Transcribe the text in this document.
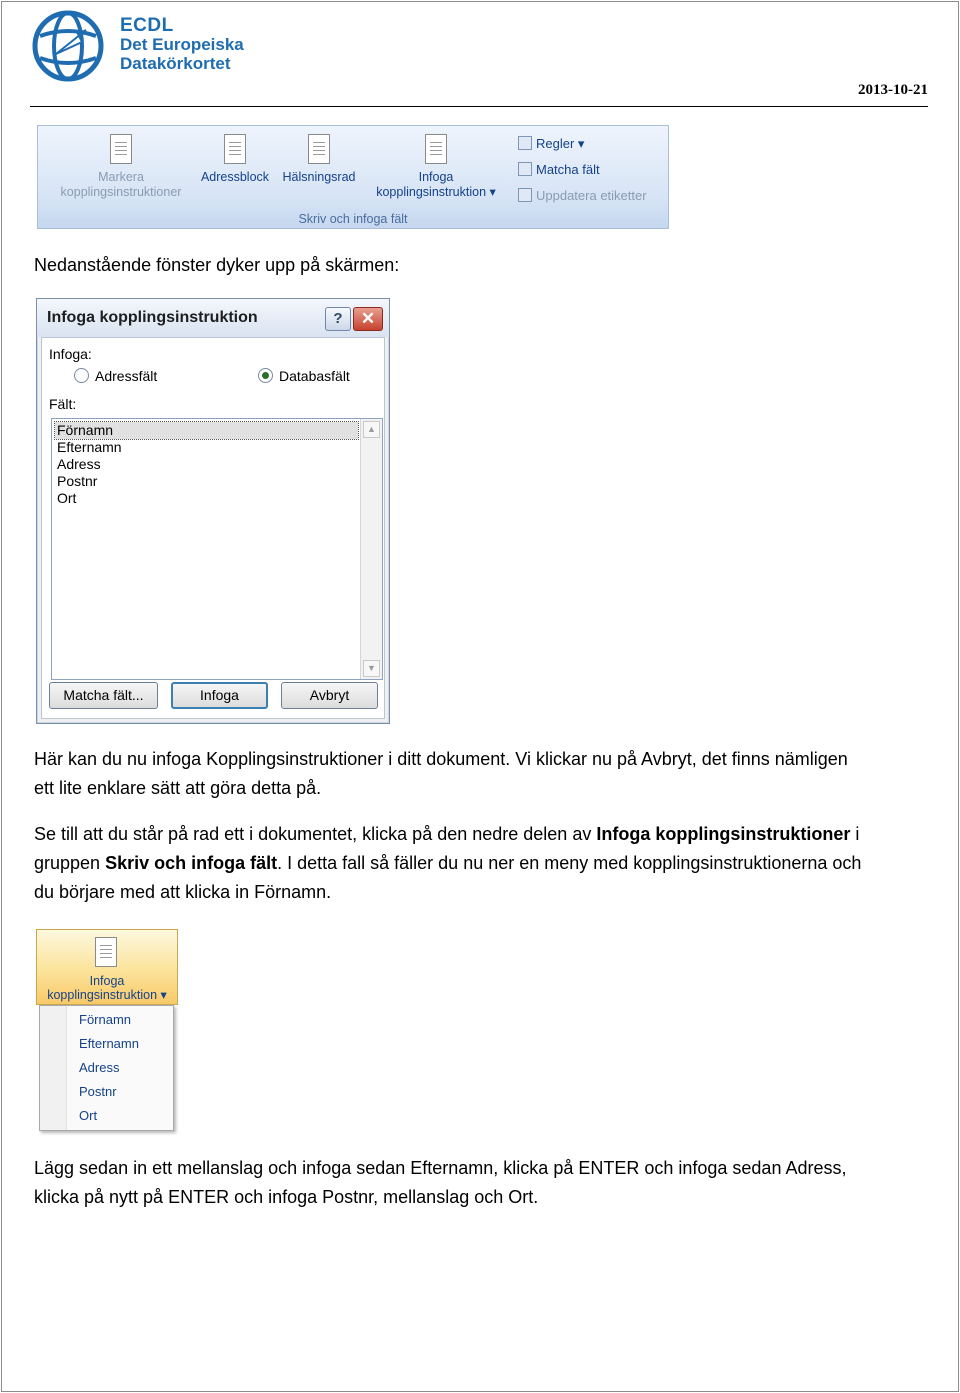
ECDL
Det Europeiska
Datakörkortet
2013-10-21
Markera
kopplingsinstruktioner
Adressblock	Hälsningsrad	Infoga
kopplingsinstruktion ▾
Regler ▾
Matcha fält
Uppdatera etiketter
Skriv och infoga fält
Nedanstående fönster dyker upp på skärmen:
Infoga kopplingsinstruktion	?	✕
Infoga:
Adressfält	Databasfält
Fält:
Förnamn
Efternamn
Adress
Postnr
Ort
▲
▼
Matcha fält...	Infoga	Avbryt
Här kan du nu infoga Kopplingsinstruktioner i ditt dokument. Vi klickar nu på Avbryt, det finns nämligen
ett lite enklare sätt att göra detta på.
Se till att du står på rad ett i dokumentet, klicka på den nedre delen av Infoga kopplingsinstruktioner i
gruppen Skriv och infoga fält. I detta fall så fäller du nu ner en meny med kopplingsinstruktionerna och
du börjare med att klicka in Förnamn.
Infoga
kopplingsinstruktion ▾
Förnamn
Efternamn
Adress
Postnr
Ort
Lägg sedan in ett mellanslag och infoga sedan Efternamn, klicka på ENTER och infoga sedan Adress,
klicka på nytt på ENTER och infoga Postnr, mellanslag och Ort.
